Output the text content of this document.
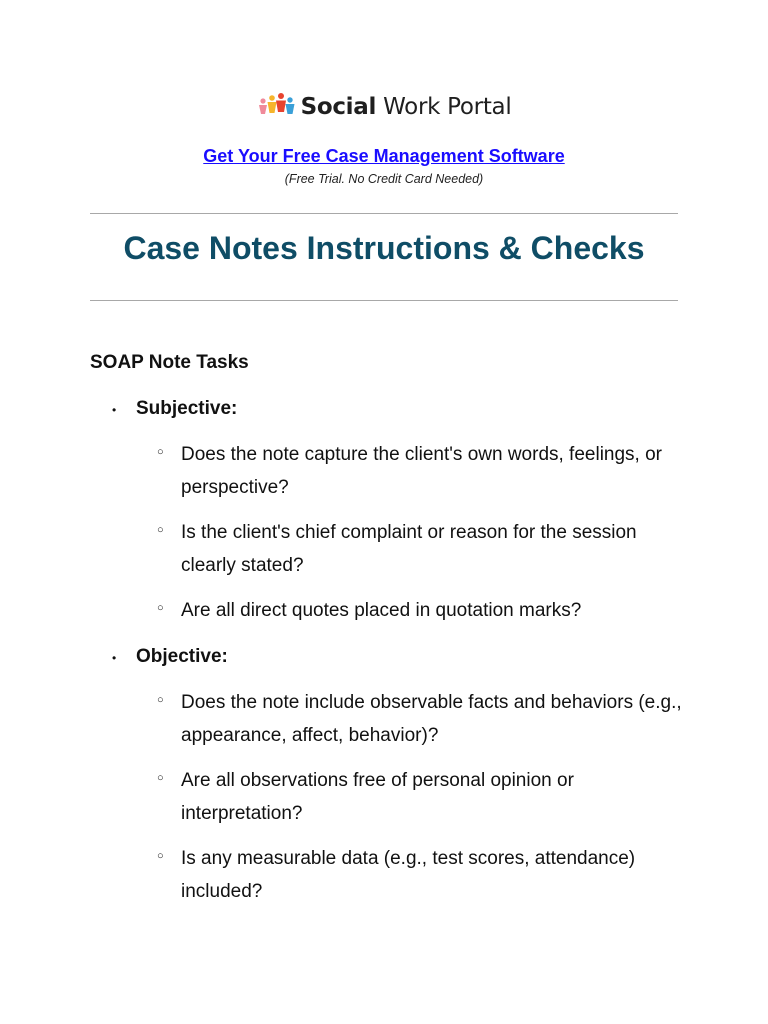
Social Work Portal
Get Your Free Case Management Software
(Free Trial. No Credit Card Needed)
Case Notes Instructions & Checks
SOAP Note Tasks
•	Subjective:
○ Does the note capture the client's own words, feelings, or perspective?
○ Is the client's chief complaint or reason for the session clearly stated?
○ Are all direct quotes placed in quotation marks?
•	Objective:
○ Does the note include observable facts and behaviors (e.g., appearance, affect, behavior)?
○ Are all observations free of personal opinion or interpretation?
○ Is any measurable data (e.g., test scores, attendance) included?
